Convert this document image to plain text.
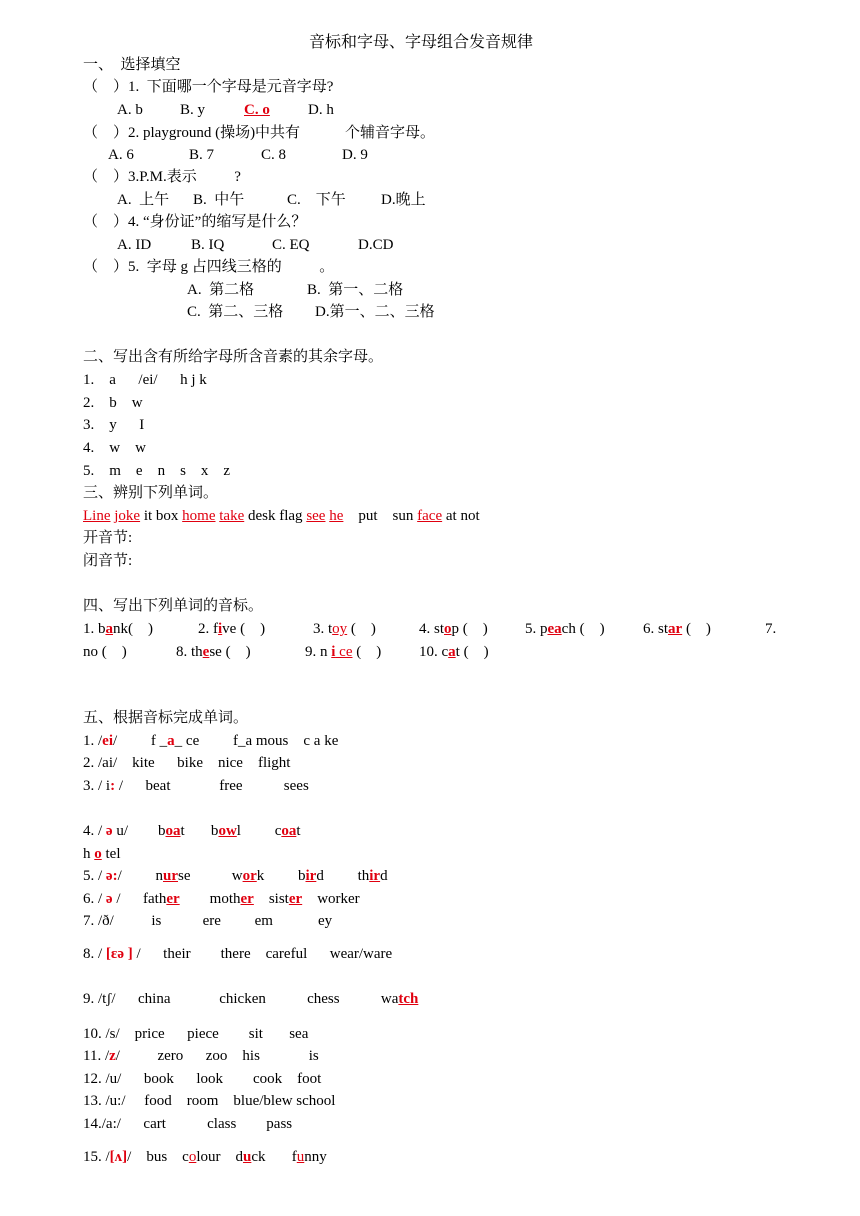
音标和字母、字母组合发音规律
一、  选择填空
（    ）1.  下面哪一个字母是元音字母?
A. b B. y	C. o	D. h
（    ）2. playground (操场)中共有            个辅音字母。
A. 6	B. 7	C. 8	D. 9
（    ）3.P.M.表示          ?
A.  上午 B.  中午	C.    下午 D.晚上
（    ）4. “身份证”的缩写是什么？
A. ID	B. IQ	C. EQ	D.CD
（    ）5.  字母 g 占四线三格的          。
A.  第二格	B.  第一、二格
C.  第二、三格 D.第一、二、三格
二、写出含有所给字母所含音素的其余字母。
1.    a      /ei/      h j k
2.    b    w
3.    y      I
4.    w    w
5.    m    e    n    s    x    z
三、辨别下列单词。
Line joke it box home take desk flag see he    put    sun face at not
开音节:
闭音节:
四、写出下列单词的音标。
1. bank(    )	2. five (    )	3. toy (    )	4. stop (    ) 5. peach (    )	6. star (    )	7.
no (    )	8. these (    )	9. n i ce (    )	10. cat (    )
五、根据音标完成单词。
1. /ei/         f _a_ ce         f_a mous    c a ke
2. /ai/    kite      bike    nice    flight
3. / i: /      beat             free           sees
4. / ə u/        boat       bowl         coat
h o tel
5. / ə:/         nurse           work         bird         third
6. / ə /      father        mother    sister    worker
7. /ð/          is           ere         em            ey
8. / [ɛə ] /      their        there    careful      wear/ware
9. /tʃ/      china             chicken           chess           watch
10. /s/    price      piece        sit       sea
11. /z/          zero      zoo    his             is
12. /u/      book      look        cook    foot
13. /u:/     food    room    blue/blew school
14./a:/      cart           class        pass
15. /[ʌ]/    bus    colour    duck       funny
